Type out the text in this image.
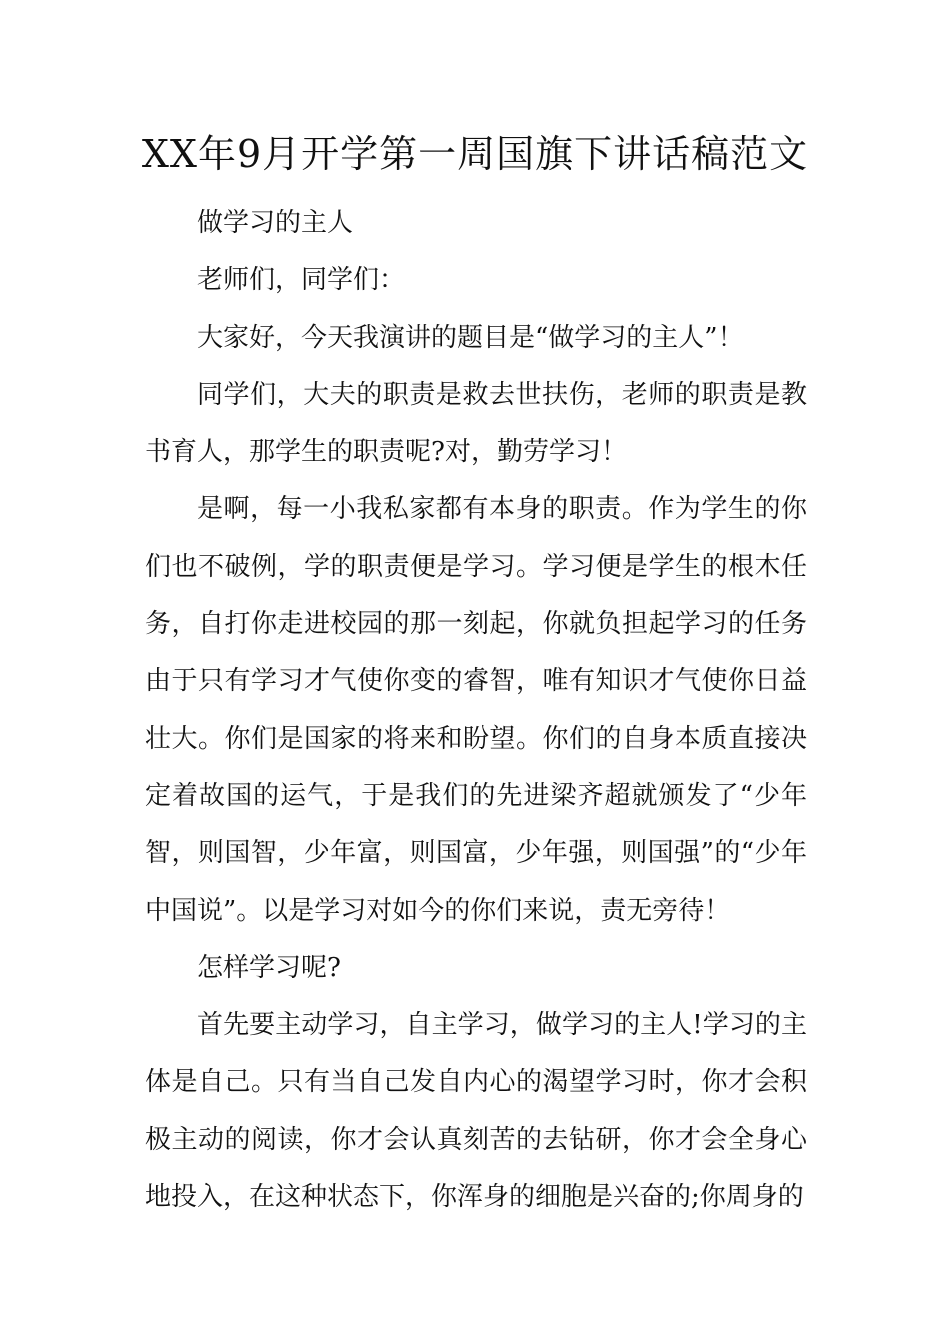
XX年9月开学第一周国旗下讲话稿范文

做学习的主人

老师们，同学们：

大家好，今天我演讲的题目是“做学习的主人”！

同学们，大夫的职责是救去世扶伤，老师的职责是教书育人，那学生的职责呢?对，勤劳学习！

是啊，每一小我私家都有本身的职责。作为学生的你们也不破例，学的职责便是学习。学习便是学生的根木任务，自打你走进校园的那一刻起，你就负担起学习的任务由于只有学习才气使你变的睿智，唯有知识才气使你日益壮大。你们是国家的将来和盼望。你们的自身本质直接决定着故国的运气，于是我们的先进梁齐超就颁发了“少年智，则国智，少年富，则国富，少年强，则国强”的“少年中国说”。以是学习对如今的你们来说，责无旁待！

怎样学习呢?

首先要主动学习，自主学习，做学习的主人!学习的主体是自己。只有当自己发自内心的渴望学习时，你才会积极主动的阅读，你才会认真刻苦的去钻研，你才会全身心地投入，在这种状态下，你浑身的细胞是兴奋的;你周身的
